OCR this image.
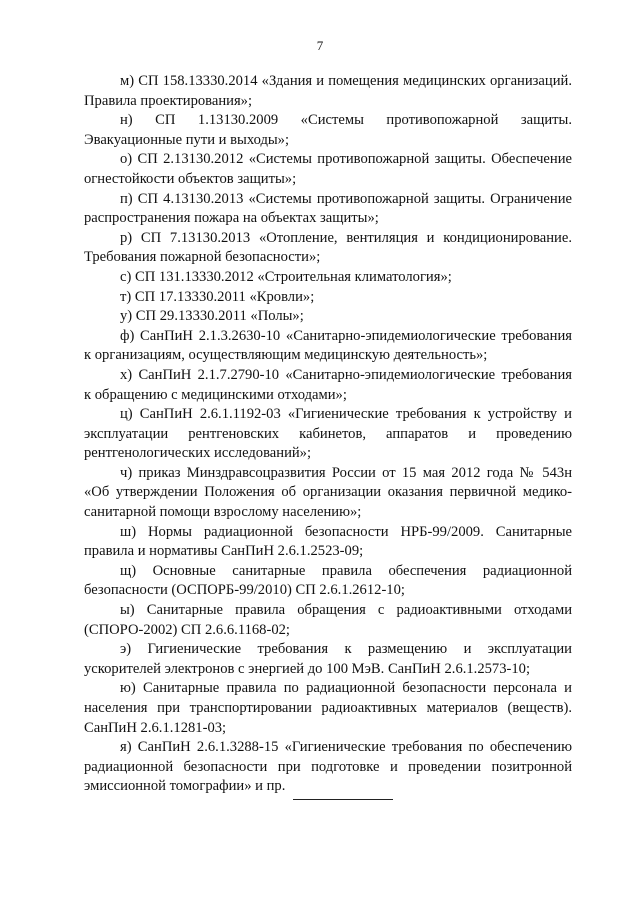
7

м) СП 158.13330.2014 «Здания и помещения медицинских организаций. Правила проектирования»;

н) СП 1.13130.2009 «Системы противопожарной защиты. Эвакуационные пути и выходы»;

о) СП 2.13130.2012 «Системы противопожарной защиты. Обеспечение огнестойкости объектов защиты»;

п) СП 4.13130.2013 «Системы противопожарной защиты. Ограничение распространения пожара на объектах защиты»;

р) СП 7.13130.2013 «Отопление, вентиляция и кондиционирование. Требования пожарной безопасности»;

с) СП 131.13330.2012 «Строительная климатология»;

т) СП 17.13330.2011 «Кровли»;

у) СП 29.13330.2011 «Полы»;

ф) СанПиН 2.1.3.2630-10 «Санитарно-эпидемиологические требования к организациям, осуществляющим медицинскую деятельность»;

х) СанПиН 2.1.7.2790-10 «Санитарно-эпидемиологические требования к обращению с медицинскими отходами»;

ц) СанПиН 2.6.1.1192-03 «Гигиенические требования к устройству и эксплуатации рентгеновских кабинетов, аппаратов и проведению рентгенологических исследований»;

ч) приказ Минздравсоцразвития России от 15 мая 2012 года № 543н «Об утверждении Положения об организации оказания первичной медико-санитарной помощи взрослому населению»;

ш) Нормы радиационной безопасности НРБ-99/2009. Санитарные правила и нормативы СанПиН 2.6.1.2523-09;

щ) Основные санитарные правила обеспечения радиационной безопасности (ОСПОРБ-99/2010) СП 2.6.1.2612-10;

ы) Санитарные правила обращения с радиоактивными отходами (СПОРО-2002) СП 2.6.6.1168-02;

э) Гигиенические требования к размещению и эксплуатации ускорителей электронов с энергией до 100 МэВ. СанПиН 2.6.1.2573-10;

ю) Санитарные правила по радиационной безопасности персонала и населения при транспортировании радиоактивных материалов (веществ). СанПиН 2.6.1.1281-03;

я) СанПиН 2.6.1.3288-15 «Гигиенические требования по обеспечению радиационной безопасности при подготовке и проведении позитронной эмиссионной томографии» и пр.
